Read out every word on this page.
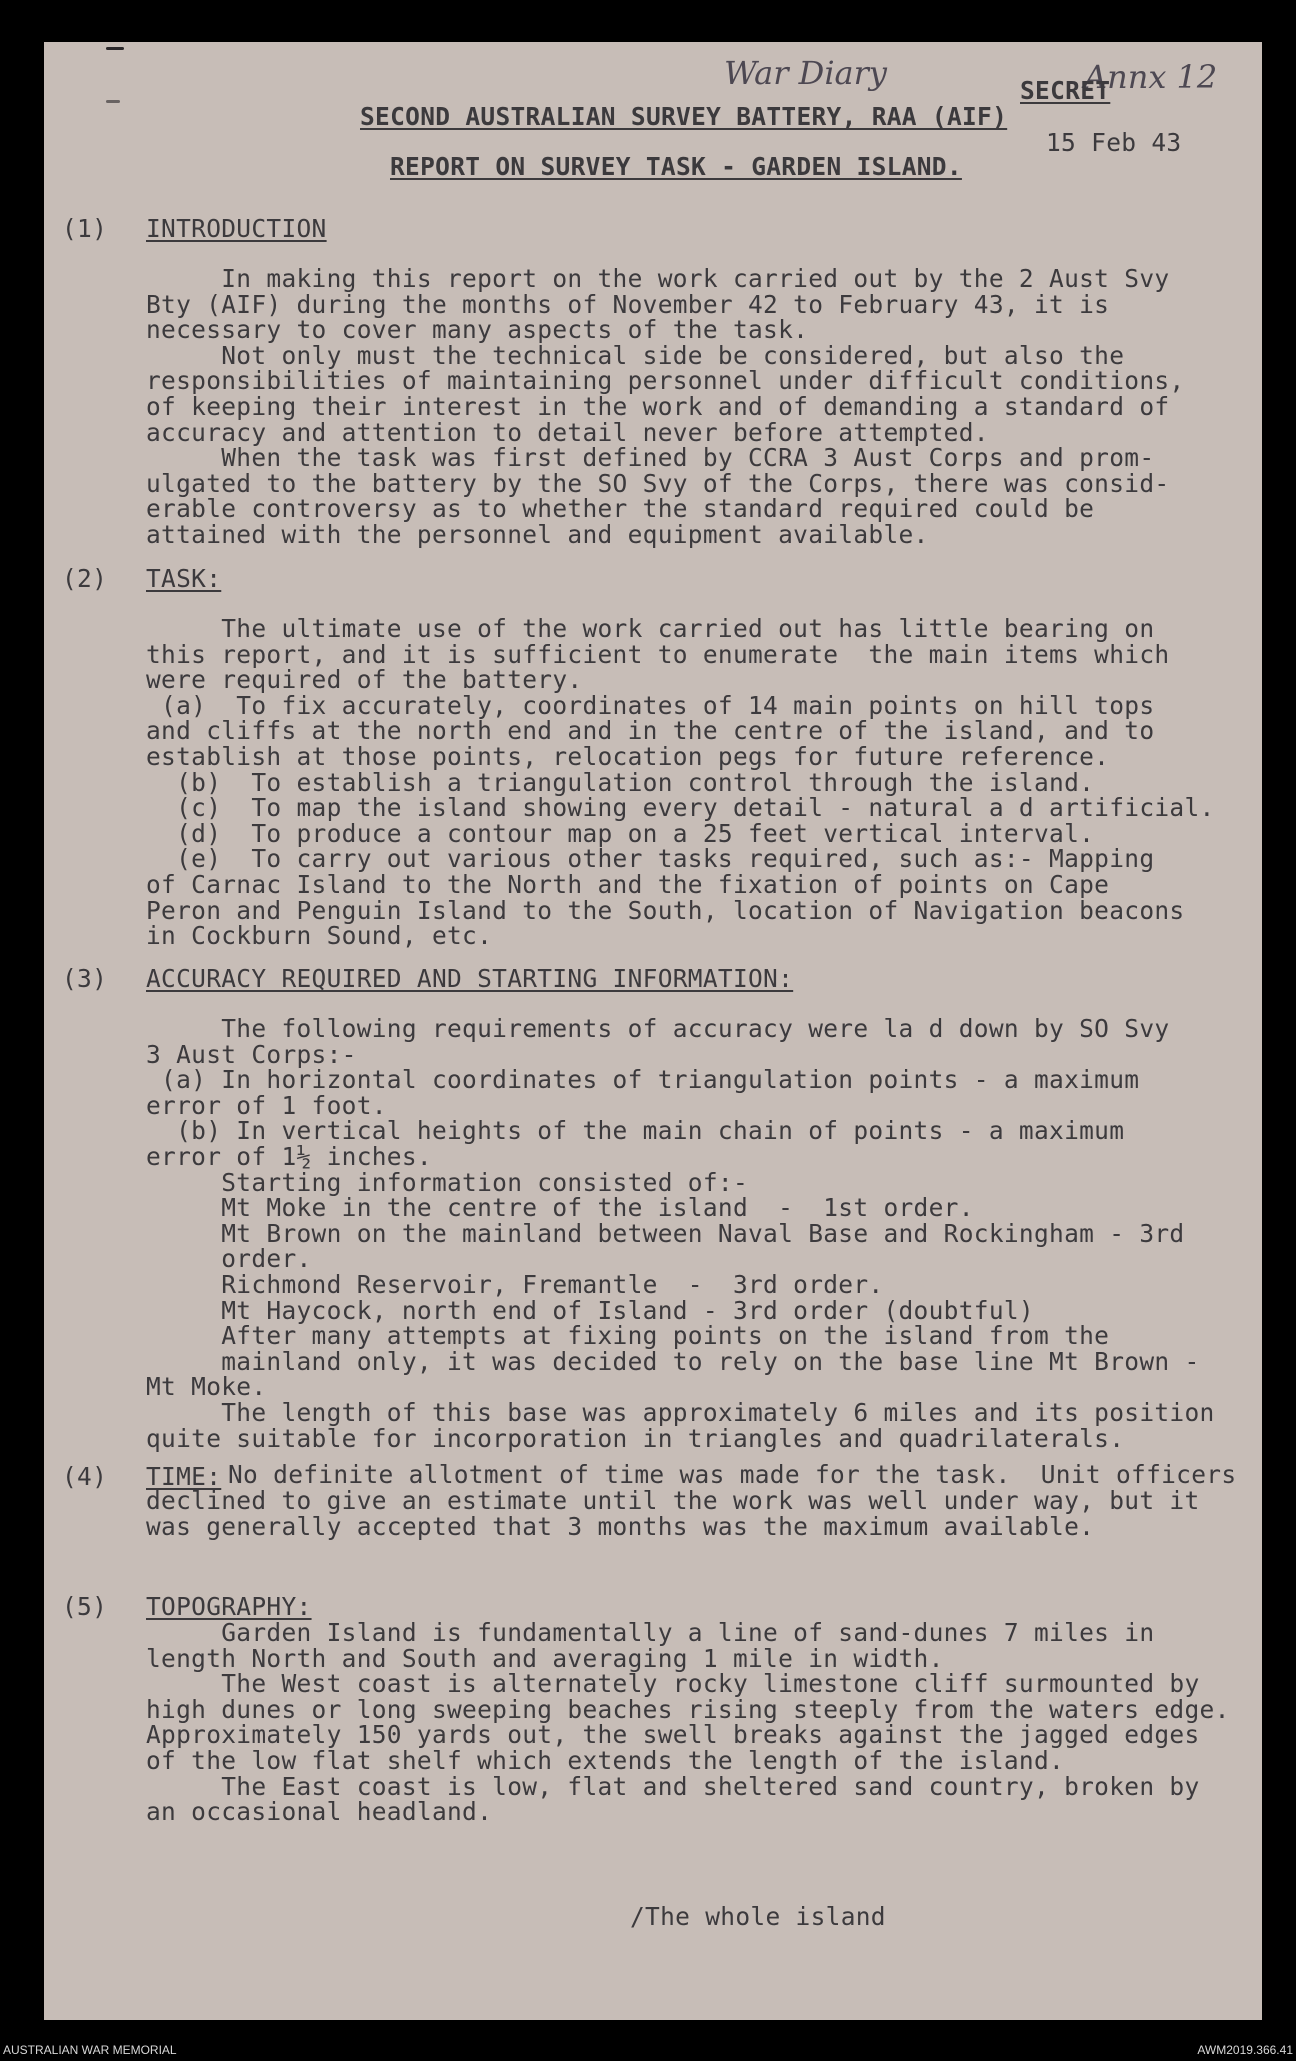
War Diary	Annx 12
SECRET
SECOND AUSTRALIAN SURVEY BATTERY, RAA (AIF)
15 Feb 43
REPORT ON SURVEY TASK - GARDEN ISLAND.
(1) INTRODUCTION
In making this report on the work carried out by the 2 Aust Svy
Bty (AIF) during the months of November 42 to February 43, it is
necessary to cover many aspects of the task.
Not only must the technical side be considered, but also the
responsibilities of maintaining personnel under difficult conditions,
of keeping their interest in the work and of demanding a standard of
accuracy and attention to detail never before attempted.
When the task was first defined by CCRA 3 Aust Corps and prom-
ulgated to the battery by the SO Svy of the Corps, there was consid-
erable controversy as to whether the standard required could be
attained with the personnel and equipment available.
(2) TASK:
The ultimate use of the work carried out has little bearing on
this report, and it is sufficient to enumerate  the main items which
were required of the battery.
(a)  To fix accurately, coordinates of 14 main points on hill tops
and cliffs at the north end and in the centre of the island, and to
establish at those points, relocation pegs for future reference.
(b)  To establish a triangulation control through the island.
(c)  To map the island showing every detail - natural a d artificial.
(d)  To produce a contour map on a 25 feet vertical interval.
(e)  To carry out various other tasks required, such as:- Mapping
of Carnac Island to the North and the fixation of points on Cape
Peron and Penguin Island to the South, location of Navigation beacons
in Cockburn Sound, etc.
(3) ACCURACY REQUIRED AND STARTING INFORMATION:
The following requirements of accuracy were la d down by SO Svy
3 Aust Corps:-
(a) In horizontal coordinates of triangulation points - a maximum
error of 1 foot.
(b) In vertical heights of the main chain of points - a maximum
error of 1½ inches.
Starting information consisted of:-
Mt Moke in the centre of the island  -  1st order.
Mt Brown on the mainland between Naval Base and Rockingham - 3rd
order.
Richmond Reservoir, Fremantle  -  3rd order.
Mt Haycock, north end of Island - 3rd order (doubtful)
After many attempts at fixing points on the island from the
mainland only, it was decided to rely on the base line Mt Brown -
Mt Moke.
The length of this base was approximately 6 miles and its position
quite suitable for incorporation in triangles and quadrilaterals.
(4) TIME: No definite allotment of time was made for the task.  Unit officers
declined to give an estimate until the work was well under way, but it
was generally accepted that 3 months was the maximum available.
(5) TOPOGRAPHY:
Garden Island is fundamentally a line of sand-dunes 7 miles in
length North and South and averaging 1 mile in width.
The West coast is alternately rocky limestone cliff surmounted by
high dunes or long sweeping beaches rising steeply from the waters edge.
Approximately 150 yards out, the swell breaks against the jagged edges
of the low flat shelf which extends the length of the island.
The East coast is low, flat and sheltered sand country, broken by
an occasional headland.
/The whole island
AUSTRALIAN WAR MEMORIAL	AWM2019.366.41
